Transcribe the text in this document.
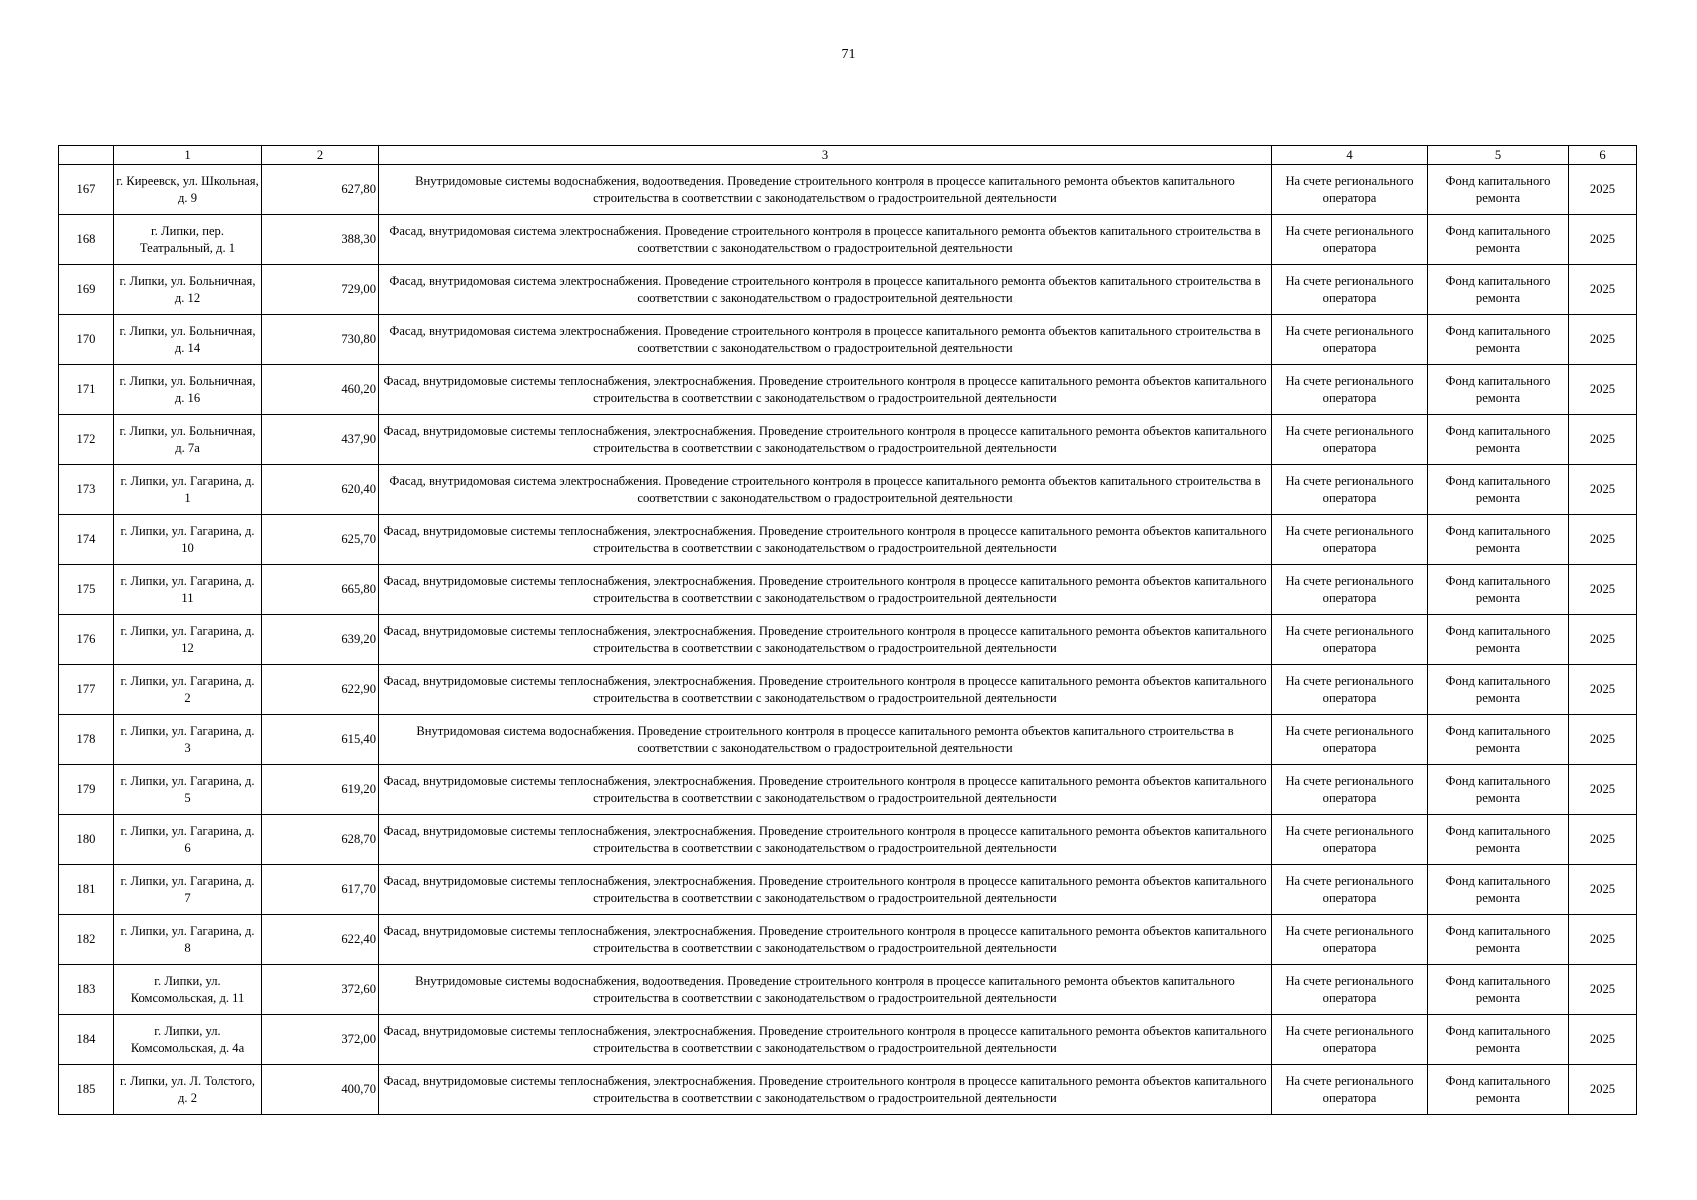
71
	1	2	3	4	5	6
167	г. Киреевск, ул. Школьная, д. 9	627,80	Внутридомовые системы водоснабжения, водоотведения. Проведение строительного контроля в процессе капитального ремонта объектов капитального строительства в соответствии с законодательством о градостроительной деятельности	На счете регионального оператора	Фонд капитального ремонта	2025
168	г. Липки, пер. Театральный, д. 1	388,30	Фасад, внутридомовая система электроснабжения. Проведение строительного контроля в процессе капитального ремонта объектов капитального строительства в соответствии с законодательством о градостроительной деятельности	На счете регионального оператора	Фонд капитального ремонта	2025
169	г. Липки, ул. Больничная, д. 12	729,00	Фасад, внутридомовая система электроснабжения. Проведение строительного контроля в процессе капитального ремонта объектов капитального строительства в соответствии с законодательством о градостроительной деятельности	На счете регионального оператора	Фонд капитального ремонта	2025
170	г. Липки, ул. Больничная, д. 14	730,80	Фасад, внутридомовая система электроснабжения. Проведение строительного контроля в процессе капитального ремонта объектов капитального строительства в соответствии с законодательством о градостроительной деятельности	На счете регионального оператора	Фонд капитального ремонта	2025
171	г. Липки, ул. Больничная, д. 16	460,20	Фасад, внутридомовые системы теплоснабжения, электроснабжения. Проведение строительного контроля в процессе капитального ремонта объектов капитального строительства в соответствии с законодательством о градостроительной деятельности	На счете регионального оператора	Фонд капитального ремонта	2025
172	г. Липки, ул. Больничная, д. 7а	437,90	Фасад, внутридомовые системы теплоснабжения, электроснабжения. Проведение строительного контроля в процессе капитального ремонта объектов капитального строительства в соответствии с законодательством о градостроительной деятельности	На счете регионального оператора	Фонд капитального ремонта	2025
173	г. Липки, ул. Гагарина, д. 1	620,40	Фасад, внутридомовая система электроснабжения. Проведение строительного контроля в процессе капитального ремонта объектов капитального строительства в соответствии с законодательством о градостроительной деятельности	На счете регионального оператора	Фонд капитального ремонта	2025
174	г. Липки, ул. Гагарина, д. 10	625,70	Фасад, внутридомовые системы теплоснабжения, электроснабжения. Проведение строительного контроля в процессе капитального ремонта объектов капитального строительства в соответствии с законодательством о градостроительной деятельности	На счете регионального оператора	Фонд капитального ремонта	2025
175	г. Липки, ул. Гагарина, д. 11	665,80	Фасад, внутридомовые системы теплоснабжения, электроснабжения. Проведение строительного контроля в процессе капитального ремонта объектов капитального строительства в соответствии с законодательством о градостроительной деятельности	На счете регионального оператора	Фонд капитального ремонта	2025
176	г. Липки, ул. Гагарина, д. 12	639,20	Фасад, внутридомовые системы теплоснабжения, электроснабжения. Проведение строительного контроля в процессе капитального ремонта объектов капитального строительства в соответствии с законодательством о градостроительной деятельности	На счете регионального оператора	Фонд капитального ремонта	2025
177	г. Липки, ул. Гагарина, д. 2	622,90	Фасад, внутридомовые системы теплоснабжения, электроснабжения. Проведение строительного контроля в процессе капитального ремонта объектов капитального строительства в соответствии с законодательством о градостроительной деятельности	На счете регионального оператора	Фонд капитального ремонта	2025
178	г. Липки, ул. Гагарина, д. 3	615,40	Внутридомовая система водоснабжения. Проведение строительного контроля в процессе капитального ремонта объектов капитального строительства в соответствии с законодательством о градостроительной деятельности	На счете регионального оператора	Фонд капитального ремонта	2025
179	г. Липки, ул. Гагарина, д. 5	619,20	Фасад, внутридомовые системы теплоснабжения, электроснабжения. Проведение строительного контроля в процессе капитального ремонта объектов капитального строительства в соответствии с законодательством о градостроительной деятельности	На счете регионального оператора	Фонд капитального ремонта	2025
180	г. Липки, ул. Гагарина, д. 6	628,70	Фасад, внутридомовые системы теплоснабжения, электроснабжения. Проведение строительного контроля в процессе капитального ремонта объектов капитального строительства в соответствии с законодательством о градостроительной деятельности	На счете регионального оператора	Фонд капитального ремонта	2025
181	г. Липки, ул. Гагарина, д. 7	617,70	Фасад, внутридомовые системы теплоснабжения, электроснабжения. Проведение строительного контроля в процессе капитального ремонта объектов капитального строительства в соответствии с законодательством о градостроительной деятельности	На счете регионального оператора	Фонд капитального ремонта	2025
182	г. Липки, ул. Гагарина, д. 8	622,40	Фасад, внутридомовые системы теплоснабжения, электроснабжения. Проведение строительного контроля в процессе капитального ремонта объектов капитального строительства в соответствии с законодательством о градостроительной деятельности	На счете регионального оператора	Фонд капитального ремонта	2025
183	г. Липки, ул. Комсомольская, д. 11	372,60	Внутридомовые системы водоснабжения, водоотведения. Проведение строительного контроля в процессе капитального ремонта объектов капитального строительства в соответствии с законодательством о градостроительной деятельности	На счете регионального оператора	Фонд капитального ремонта	2025
184	г. Липки, ул. Комсомольская, д. 4а	372,00	Фасад, внутридомовые системы теплоснабжения, электроснабжения. Проведение строительного контроля в процессе капитального ремонта объектов капитального строительства в соответствии с законодательством о градостроительной деятельности	На счете регионального оператора	Фонд капитального ремонта	2025
185	г. Липки, ул. Л. Толстого, д. 2	400,70	Фасад, внутридомовые системы теплоснабжения, электроснабжения. Проведение строительного контроля в процессе капитального ремонта объектов капитального строительства в соответствии с законодательством о градостроительной деятельности	На счете регионального оператора	Фонд капитального ремонта	2025
